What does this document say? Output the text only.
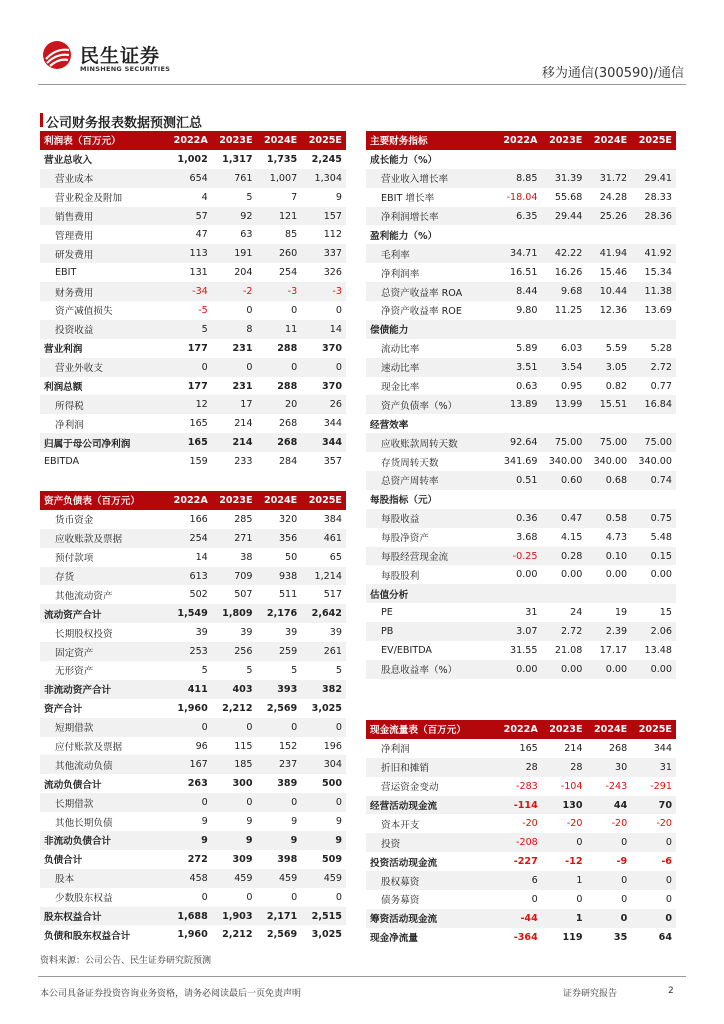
民生证券
MINSHENG SECURITIES	移为通信(300590)/通信
公司财务报表数据预测汇总
利润表（百万元）	2022A	2023E	2024E	2025E
营业总收入	1,002	1,317	1,735	2,245
营业成本	654	761	1,007	1,304
营业税金及附加	4	5	7	9
销售费用	57	92	121	157
管理费用	47	63	85	112
研发费用	113	191	260	337
EBIT	131	204	254	326
财务费用	-34	-2	-3	-3
资产减值损失	-5	0	0	0
投资收益	5	8	11	14
营业利润	177	231	288	370
营业外收支	0	0	0	0
利润总额	177	231	288	370
所得税	12	17	20	26
净利润	165	214	268	344
归属于母公司净利润	165	214	268	344
EBITDA	159	233	284	357
资产负债表（百万元）	2022A	2023E	2024E	2025E
货币资金	166	285	320	384
应收账款及票据	254	271	356	461
预付款项	14	38	50	65
存货	613	709	938	1,214
其他流动资产	502	507	511	517
流动资产合计	1,549	1,809	2,176	2,642
长期股权投资	39	39	39	39
固定资产	253	256	259	261
无形资产	5	5	5	5
非流动资产合计	411	403	393	382
资产合计	1,960	2,212	2,569	3,025
短期借款	0	0	0	0
应付账款及票据	96	115	152	196
其他流动负债	167	185	237	304
流动负债合计	263	300	389	500
长期借款	0	0	0	0
其他长期负债	9	9	9	9
非流动负债合计	9	9	9	9
负债合计	272	309	398	509
股本	458	459	459	459
少数股东权益	0	0	0	0
股东权益合计	1,688	1,903	2,171	2,515
负债和股东权益合计	1,960	2,212	2,569	3,025
主要财务指标	2022A	2023E	2024E	2025E
成长能力（%）				
营业收入增长率	8.85	31.39	31.72	29.41
EBIT 增长率	-18.04	55.68	24.28	28.33
净利润增长率	6.35	29.44	25.26	28.36
盈利能力（%）				
毛利率	34.71	42.22	41.94	41.92
净利润率	16.51	16.26	15.46	15.34
总资产收益率 ROA	8.44	9.68	10.44	11.38
净资产收益率 ROE	9.80	11.25	12.36	13.69
偿债能力				
流动比率	5.89	6.03	5.59	5.28
速动比率	3.51	3.54	3.05	2.72
现金比率	0.63	0.95	0.82	0.77
资产负债率（%）	13.89	13.99	15.51	16.84
经营效率				
应收账款周转天数	92.64	75.00	75.00	75.00
存货周转天数	341.69	340.00	340.00	340.00
总资产周转率	0.51	0.60	0.68	0.74
每股指标（元）				
每股收益	0.36	0.47	0.58	0.75
每股净资产	3.68	4.15	4.73	5.48
每股经营现金流	-0.25	0.28	0.10	0.15
每股股利	0.00	0.00	0.00	0.00
估值分析				
PE	31	24	19	15
PB	3.07	2.72	2.39	2.06
EV/EBITDA	31.55	21.08	17.17	13.48
股息收益率（%）	0.00	0.00	0.00	0.00
现金流量表（百万元）	2022A	2023E	2024E	2025E
净利润	165	214	268	344
折旧和摊销	28	28	30	31
营运资金变动	-283	-104	-243	-291
经营活动现金流	-114	130	44	70
资本开支	-20	-20	-20	-20
投资	-208	0	0	0
投资活动现金流	-227	-12	-9	-6
股权募资	6	1	0	0
债务募资	0	0	0	0
筹资活动现金流	-44	1	0	0
现金净流量	-364	119	35	64
资料来源：公司公告、民生证券研究院预测
本公司具备证券投资咨询业务资格，请务必阅读最后一页免责声明	证券研究报告	2
